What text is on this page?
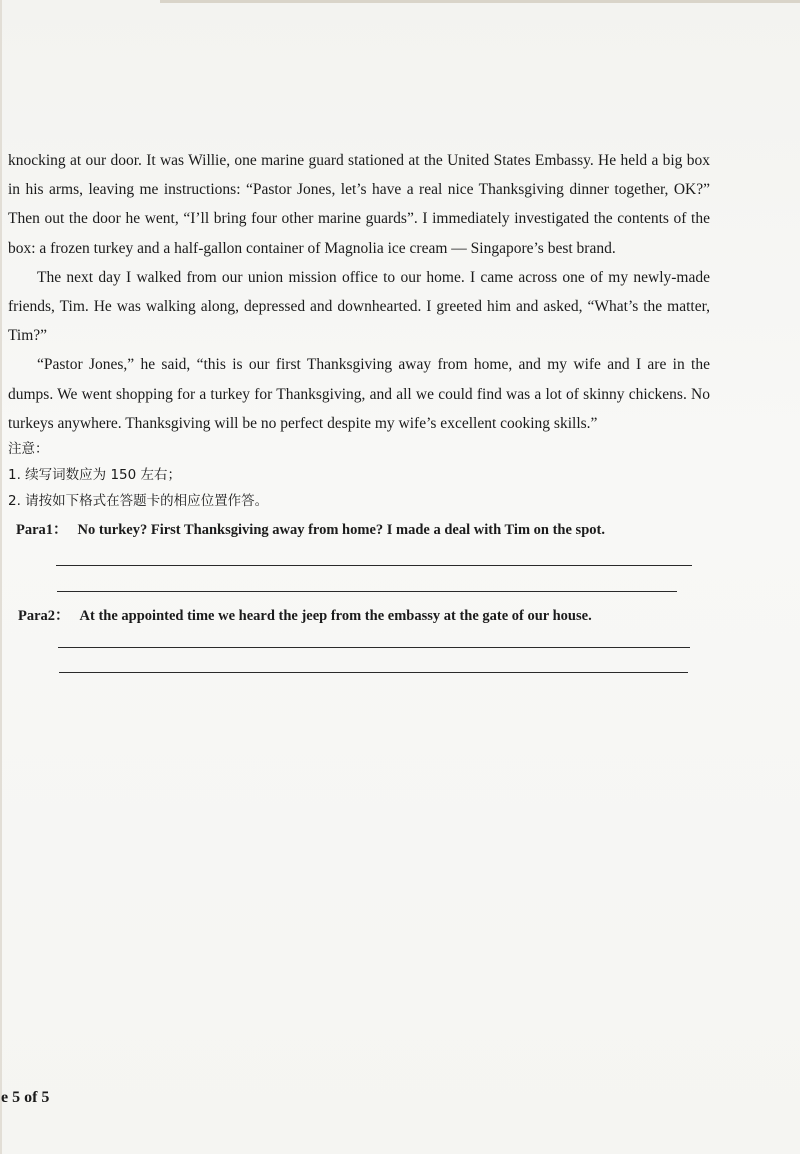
knocking at our door. It was Willie, one marine guard stationed at the United States Embassy. He held a big box in his arms, leaving me instructions: “Pastor Jones, let’s have a real nice Thanksgiving dinner together, OK?” Then out the door he went, “I’ll bring four other marine guards”. I immediately investigated the contents of the box: a frozen turkey and a half-gallon container of Magnolia ice cream — Singapore’s best brand.

The next day I walked from our union mission office to our home. I came across one of my newly-made friends, Tim. He was walking along, depressed and downhearted. I greeted him and asked, “What’s the matter, Tim?”

“Pastor Jones,” he said, “this is our first Thanksgiving away from home, and my wife and I are in the dumps. We went shopping for a turkey for Thanksgiving, and all we could find was a lot of skinny chickens. No turkeys anywhere. Thanksgiving will be no perfect despite my wife’s excellent cooking skills.”

注意：
1. 续写词数应为 150 左右；
2. 请按如下格式在答题卡的相应位置作答。
Para1： No turkey? First Thanksgiving away from home? I made a deal with Tim on the spot.
Para2： At the appointed time we heard the jeep from the embassy at the gate of our house.
e 5 of 5
